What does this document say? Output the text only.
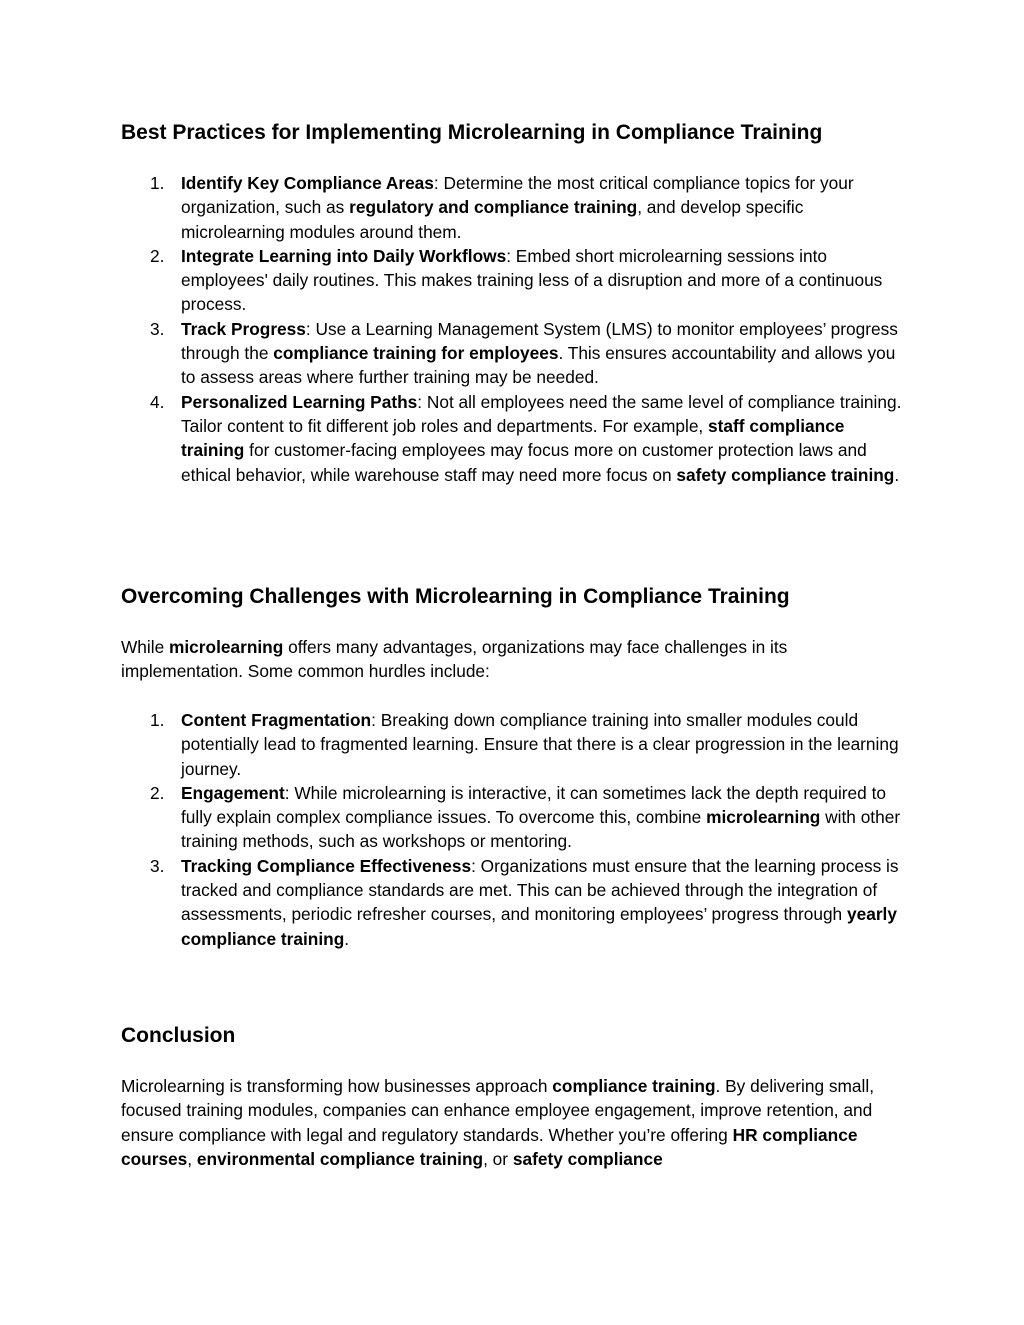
Best Practices for Implementing Microlearning in Compliance Training
1. Identify Key Compliance Areas: Determine the most critical compliance topics for your organization, such as regulatory and compliance training, and develop specific microlearning modules around them.
2. Integrate Learning into Daily Workflows: Embed short microlearning sessions into employees' daily routines. This makes training less of a disruption and more of a continuous process.
3. Track Progress: Use a Learning Management System (LMS) to monitor employees’ progress through the compliance training for employees. This ensures accountability and allows you to assess areas where further training may be needed.
4. Personalized Learning Paths: Not all employees need the same level of compliance training. Tailor content to fit different job roles and departments. For example, staff compliance training for customer-facing employees may focus more on customer protection laws and ethical behavior, while warehouse staff may need more focus on safety compliance training.
Overcoming Challenges with Microlearning in Compliance Training

While microlearning offers many advantages, organizations may face challenges in its implementation. Some common hurdles include:

1. Content Fragmentation: Breaking down compliance training into smaller modules could potentially lead to fragmented learning. Ensure that there is a clear progression in the learning journey.
2. Engagement: While microlearning is interactive, it can sometimes lack the depth required to fully explain complex compliance issues. To overcome this, combine microlearning with other training methods, such as workshops or mentoring.
3. Tracking Compliance Effectiveness: Organizations must ensure that the learning process is tracked and compliance standards are met. This can be achieved through the integration of assessments, periodic refresher courses, and monitoring employees’ progress through yearly compliance training.
Conclusion

Microlearning is transforming how businesses approach compliance training. By delivering small, focused training modules, companies can enhance employee engagement, improve retention, and ensure compliance with legal and regulatory standards. Whether you’re offering HR compliance courses, environmental compliance training, or safety compliance
